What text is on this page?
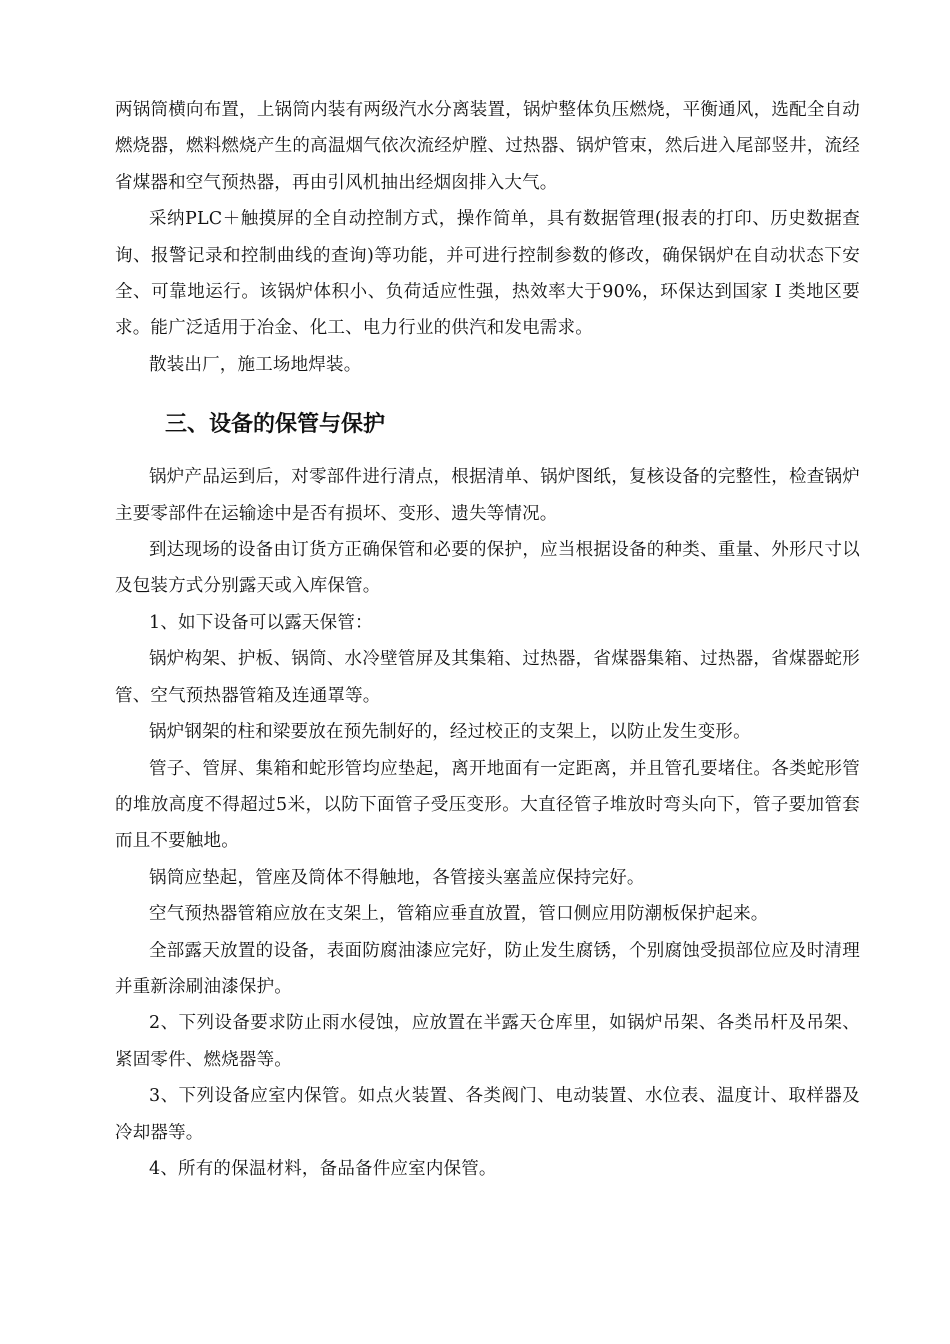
两锅筒横向布置，上锅筒内装有两级汽水分离装置，锅炉整体负压燃烧，平衡通风，选配全自动燃烧器，燃料燃烧产生的高温烟气依次流经炉膛、过热器、锅炉管束，然后进入尾部竖井，流经省煤器和空气预热器，再由引风机抽出经烟囱排入大气。

采纳PLC＋触摸屏的全自动控制方式，操作简单，具有数据管理(报表的打印、历史数据查询、报警记录和控制曲线的查询)等功能，并可进行控制参数的修改，确保锅炉在自动状态下安全、可靠地运行。该锅炉体积小、负荷适应性强，热效率大于90%，环保达到国家 Ⅰ 类地区要求。能广泛适用于冶金、化工、电力行业的供汽和发电需求。

散装出厂，施工场地焊装。

三、设备的保管与保护

锅炉产品运到后，对零部件进行清点，根据清单、锅炉图纸，复核设备的完整性，检查锅炉主要零部件在运输途中是否有损坏、变形、遗失等情况。

到达现场的设备由订货方正确保管和必要的保护，应当根据设备的种类、重量、外形尺寸以及包装方式分别露天或入库保管。

1、如下设备可以露天保管：

锅炉构架、护板、锅筒、水冷壁管屏及其集箱、过热器，省煤器集箱、过热器，省煤器蛇形管、空气预热器管箱及连通罩等。

锅炉钢架的柱和梁要放在预先制好的，经过校正的支架上，以防止发生变形。

管子、管屏、集箱和蛇形管均应垫起，离开地面有一定距离，并且管孔要堵住。各类蛇形管的堆放高度不得超过5米，以防下面管子受压变形。大直径管子堆放时弯头向下，管子要加管套而且不要触地。

锅筒应垫起，管座及筒体不得触地，各管接头塞盖应保持完好。

空气预热器管箱应放在支架上，管箱应垂直放置，管口侧应用防潮板保护起来。

全部露天放置的设备，表面防腐油漆应完好，防止发生腐锈，个别腐蚀受损部位应及时清理并重新涂刷油漆保护。

2、下列设备要求防止雨水侵蚀，应放置在半露天仓库里，如锅炉吊架、各类吊杆及吊架、紧固零件、燃烧器等。

3、下列设备应室内保管。如点火装置、各类阀门、电动装置、水位表、温度计、取样器及冷却器等。

4、所有的保温材料，备品备件应室内保管。
